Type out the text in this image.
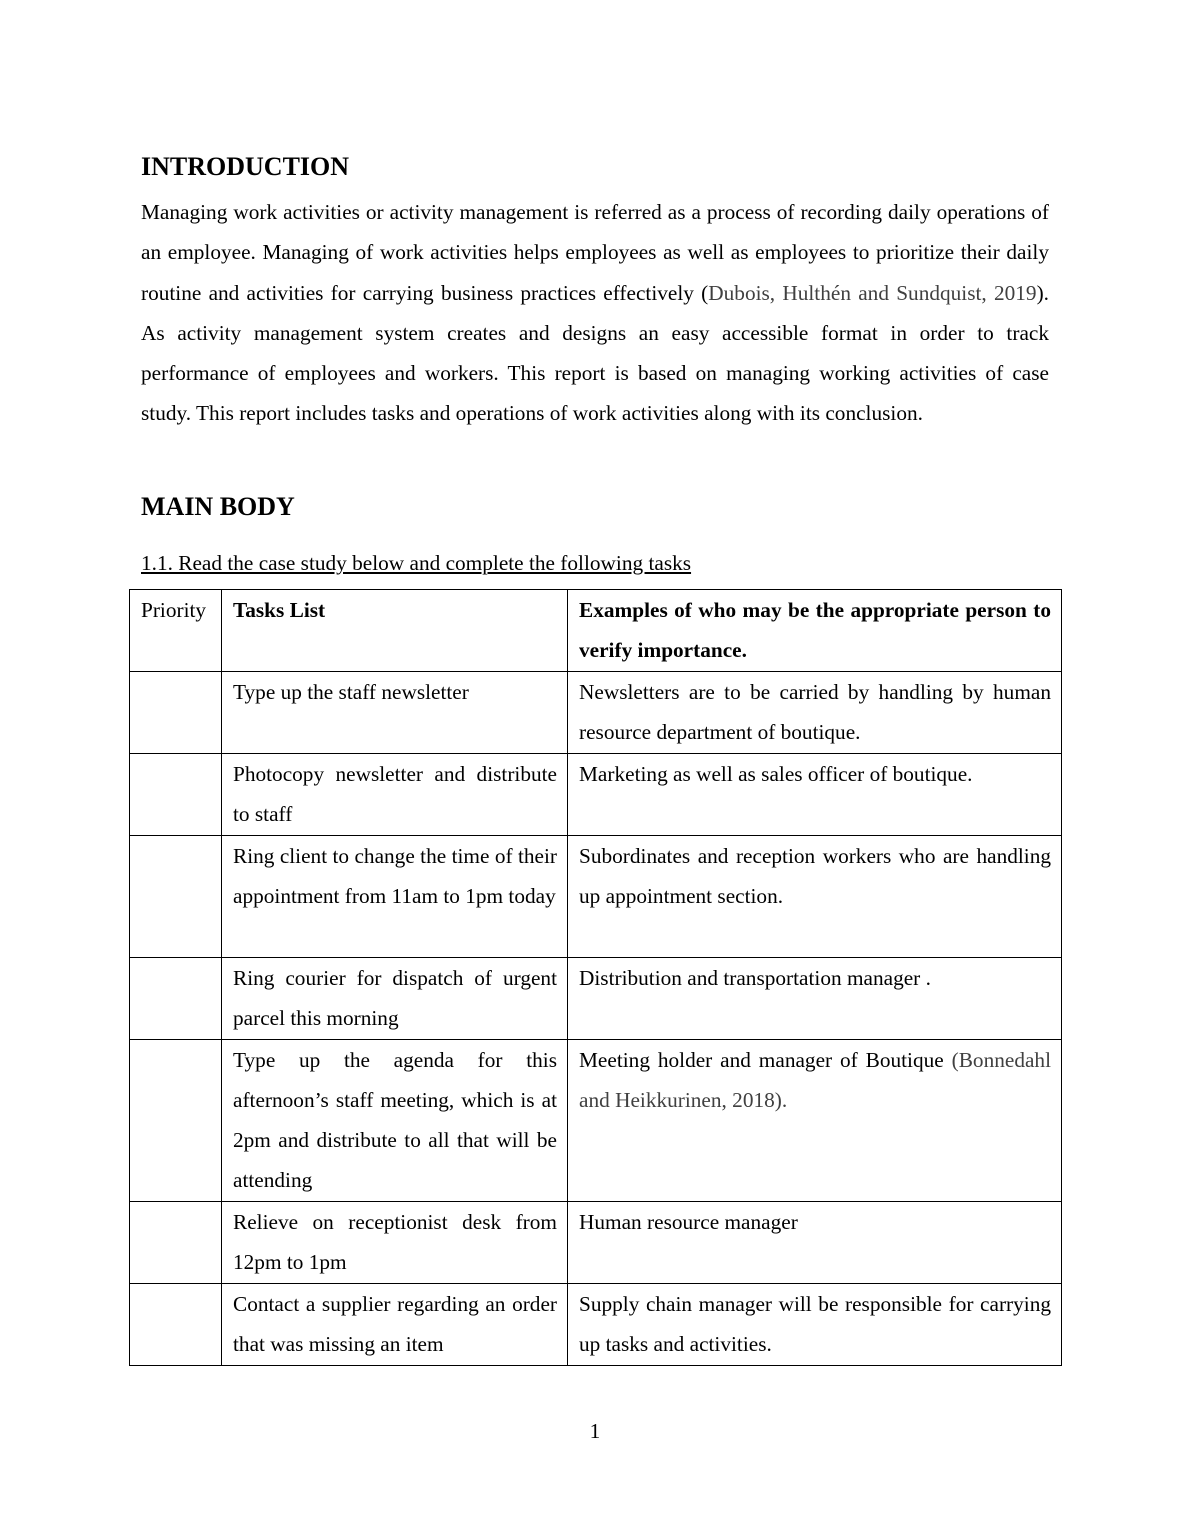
INTRODUCTION

Managing work activities or activity management is referred as a process of recording daily operations of an employee. Managing of work activities helps employees as well as employees to prioritize their daily routine and activities for carrying business practices effectively (Dubois, Hulthén and Sundquist, 2019). As activity management system creates and designs an easy accessible format in order to track performance of employees and workers. This report is based on managing working activities of case study. This report includes tasks and operations of work activities along with its conclusion.

MAIN BODY

1.1. Read the case study below and complete the following tasks

Priority	Tasks List	Examples of who may be the appropriate person to verify importance.
	Type up the staff newsletter	Newsletters are to be carried by handling by human resource department of boutique.
	Photocopy newsletter and distribute to staff	Marketing as well as sales officer of boutique.
	Ring client to change the time of their appointment from 11am to 1pm today	Subordinates and reception workers who are handling up appointment section.
	Ring courier for dispatch of urgent parcel this morning	Distribution and transportation manager .
	Type up the agenda for this afternoon’s staff meeting, which is at 2pm and distribute to all that will be attending	Meeting holder and manager of Boutique (Bonnedahl and Heikkurinen, 2018).
	Relieve on receptionist desk from 12pm to 1pm	Human resource manager
	Contact a supplier regarding an order that was missing an item	Supply chain manager will be responsible for carrying up tasks and activities.
1
